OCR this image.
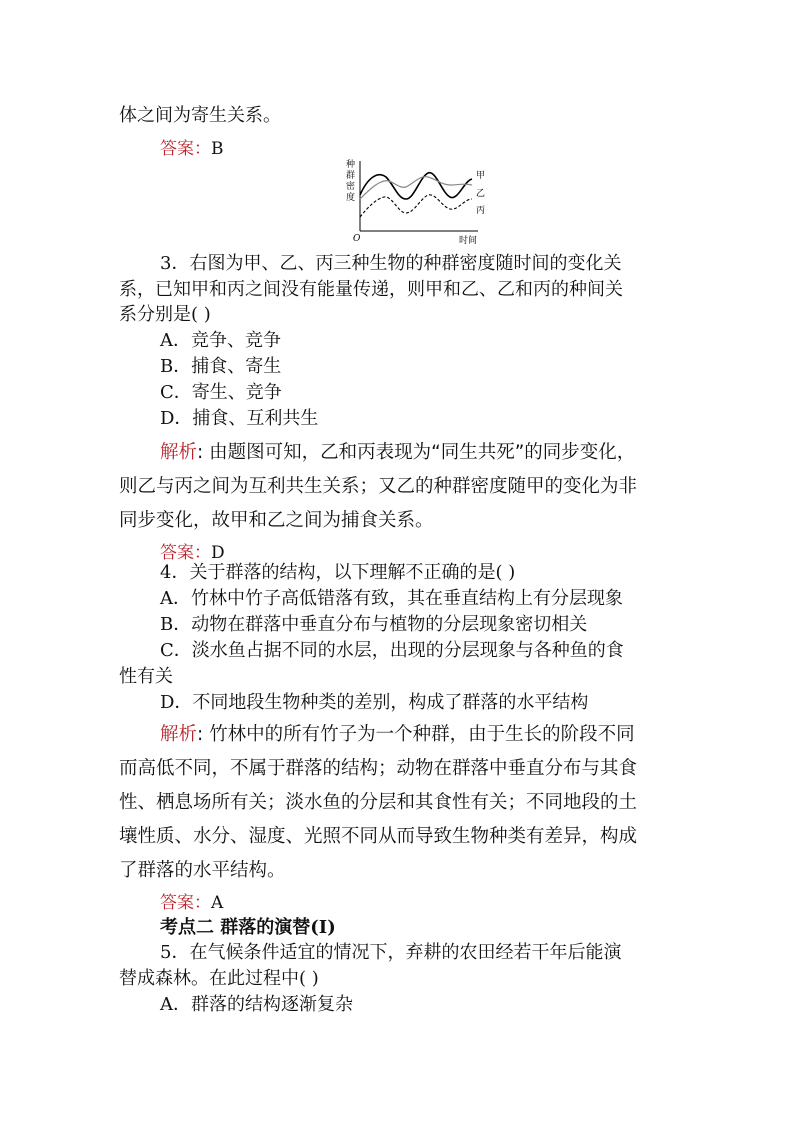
体之间为寄生关系。
答案：B
种
群
密
度
O	时间
甲
乙
丙
3．右图为甲、乙、丙三种生物的种群密度随时间的变化关
系，已知甲和丙之间没有能量传递，则甲和乙、乙和丙的种间关
系分别是( )
A．竞争、竞争
B．捕食、寄生
C．寄生、竞争
D．捕食、互利共生
解析: 由题图可知，乙和丙表现为“同生共死”的同步变化，
则乙与丙之间为互利共生关系；又乙的种群密度随甲的变化为非
同步变化，故甲和乙之间为捕食关系。
答案：D
4．关于群落的结构，以下理解不正确的是( )
A．竹林中竹子高低错落有致，其在垂直结构上有分层现象
B．动物在群落中垂直分布与植物的分层现象密切相关
C．淡水鱼占据不同的水层，出现的分层现象与各种鱼的食
性有关
D．不同地段生物种类的差别，构成了群落的水平结构
解析: 竹林中的所有竹子为一个种群，由于生长的阶段不同
而高低不同，不属于群落的结构；动物在群落中垂直分布与其食
性、栖息场所有关；淡水鱼的分层和其食性有关；不同地段的土
壤性质、水分、湿度、光照不同从而导致生物种类有差异，构成
了群落的水平结构。
答案：A
考点二 群落的演替(Ⅰ)
5．在气候条件适宜的情况下，弃耕的农田经若干年后能演
替成森林。在此过程中( )
A．群落的结构逐渐复杂
